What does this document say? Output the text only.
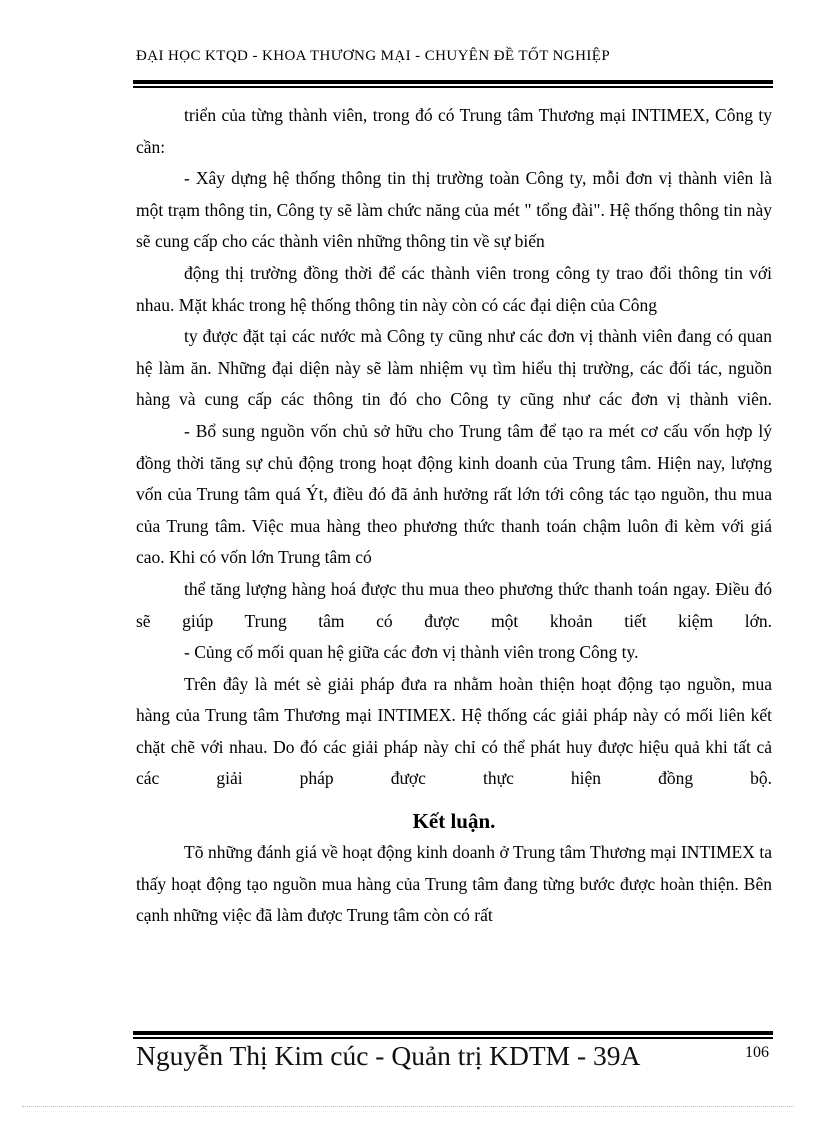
ĐẠI HỌC KTQD - KHOA THƯƠNG MẠI - CHUYÊN ĐỀ TỐT NGHIỆP

triển của từng thành viên, trong đó có Trung tâm Thương mại INTIMEX, Công ty cần:

- Xây dựng hệ thống thông tin thị trường toàn Công ty, mỗi đơn vị thành viên là một trạm thông tin, Công ty sẽ làm chức năng của mét " tổng đài". Hệ thống thông tin này sẽ cung cấp cho các thành viên những thông tin về sự biến

động thị trường đồng thời để các thành viên trong công ty trao đổi thông tin với nhau. Mặt khác trong hệ thống thông tin này còn có các đại diện của Công

ty được đặt tại các nước mà Công ty cũng như các đơn vị thành viên đang có quan hệ làm ăn. Những đại diện này sẽ làm nhiệm vụ tìm hiểu thị trường, các đối tác, nguồn hàng và cung cấp các thông tin đó cho Công ty cũng như các đơn vị thành viên.

- Bổ sung nguồn vốn chủ sở hữu cho Trung tâm để tạo ra mét cơ cấu vốn hợp lý đồng thời tăng sự chủ động trong hoạt động kinh doanh của Trung tâm. Hiện nay, lượng vốn của Trung tâm quá Ýt, điều đó đã ảnh hưởng rất lớn tới công tác tạo nguồn, thu mua của Trung tâm. Việc mua hàng theo phương thức thanh toán chậm luôn đi kèm với giá cao. Khi có vốn lớn Trung tâm có

thể tăng lượng hàng hoá được thu mua theo phương thức thanh toán ngay. Điều đó sẽ giúp Trung tâm có được một khoản tiết kiệm lớn.

- Củng cố mối quan hệ giữa các đơn vị thành viên trong Công ty.

Trên đây là mét sè giải pháp đưa ra nhằm hoàn thiện hoạt động tạo nguồn, mua hàng của Trung tâm Thương mại INTIMEX. Hệ thống các giải pháp này có mối liên kết chặt chẽ với nhau. Do đó các giải pháp này chỉ có thể phát huy được hiệu quả khi tất cả các giải pháp được thực hiện đồng bộ.

Kết luận.

Tõ những đánh giá về hoạt động kinh doanh ở Trung tâm Thương mại INTIMEX ta thấy hoạt động tạo nguồn mua hàng của Trung tâm đang từng bước được hoàn thiện. Bên cạnh những việc đã làm được Trung tâm còn có rất

Nguyễn Thị Kim cúc - Quản trị KDTM - 39A	106
